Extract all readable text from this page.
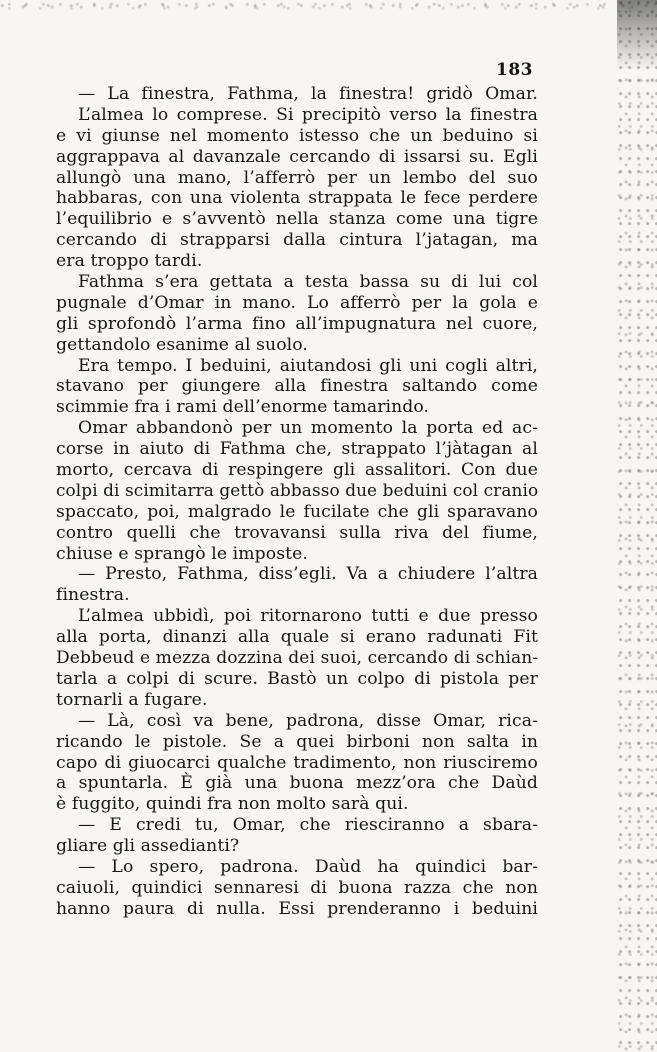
183
— La finestra, Fathma, la finestra! gridò Omar.
L’almea lo comprese. Si precipitò verso la finestra
e vi giunse nel momento istesso che un beduino si
aggrappava al davanzale cercando di issarsi su. Egli
allungò una mano, l’afferrò per un lembo del suo
habbaras, con una violenta strappata le fece perdere
l’equilibrio e s’avventò nella stanza come una tigre
cercando di strapparsi dalla cintura l’jatagan, ma
era troppo tardi.
Fathma s’era gettata a testa bassa su di lui col
pugnale d’Omar in mano. Lo afferrò per la gola e
gli sprofondò l’arma fino all’impugnatura nel cuore,
gettandolo esanime al suolo.
Era tempo. I beduini, aiutandosi gli uni cogli altri,
stavano per giungere alla finestra saltando come
scimmie fra i rami dell’enorme tamarindo.
Omar abbandonò per un momento la porta ed ac-
corse in aiuto di Fathma che, strappato l’jàtagan al
morto, cercava di respingere gli assalitori. Con due
colpi di scimitarra gettò abbasso due beduini col cranio
spaccato, poi, malgrado le fucilate che gli sparavano
contro quelli che trovavansi sulla riva del fiume,
chiuse e sprangò le imposte.
— Presto, Fathma, diss’egli. Va a chiudere l’altra
finestra.
L’almea ubbidì, poi ritornarono tutti e due presso
alla porta, dinanzi alla quale si erano radunati Fit
Debbeud e mezza dozzina dei suoi, cercando di schian-
tarla a colpi di scure. Bastò un colpo di pistola per
tornarli a fugare.
— Là, così va bene, padrona, disse Omar, rica-
ricando le pistole. Se a quei birboni non salta in
capo di giuocarci qualche tradimento, non riusciremo
a spuntarla. È già una buona mezz’ora che Daùd
è fuggito, quindi fra non molto sarà qui.
— E credi tu, Omar, che riesciranno a sbara-
gliare gli assedianti?
— Lo spero, padrona. Daùd ha quindici bar-
caiuoli, quindici sennaresi di buona razza che non
hanno paura di nulla. Essi prenderanno i beduini
